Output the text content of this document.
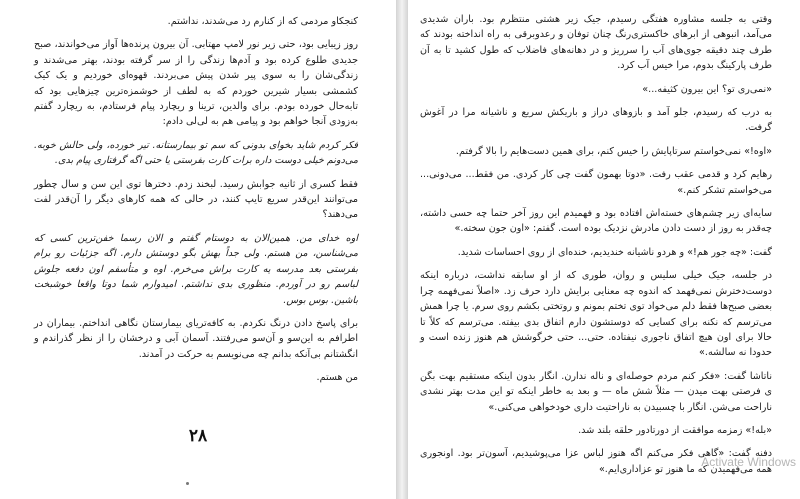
کنجکاو مردمی که از کنارم رد می‌شدند، نداشتم.

روز زیبایی بود، حتی زیر نور لامپ مهتابی. آن بیرون پرنده‌ها آواز می‌خواندند، صبح جدیدی طلوع کرده بود و آدم‌ها زندگی را از سر گرفته بودند، بهتر می‌شدند و زندگی‌شان را به سوی پیر شدن پیش می‌بردند. قهوه‌ای خوردیم و یک کیک کشمشی بسیار شیرین خوردم که به لطف از خوشمزه‌ترین چیزهایی بود که تابه‌حال خورده بودم. برای والدین، ترینا و ریچارد پیام فرستادم، به ریچارد گفتم به‌زودی آنجا خواهم بود و پیامی هم به لی‌لی دادم:

فکر کردم شاید بخوای بدونی که سم تو بیمارستانه. تیر خورده، ولی حالش خوبه. می‌دونم خیلی دوست داره برات کارت بفرستی یا حتی اگه گرفتاری پیام بدی.

فقط کسری از ثانیه جوابش رسید. لبخند زدم. دخترها توی این سن و سال چطور می‌توانند این‌قدر سریع تایپ کنند، در حالی که همه کارهای دیگر را آن‌قدر لفت می‌دهند؟

اوه خدای من. همین‌الان به دوستام گفتم و الان رسما خفن‌ترین کسی که می‌شناسن، من هستم. ولی جداً بهش بگو دوستش دارم. اگه جزئیات رو برام بفرستی بعد مدرسه یه کارت براش می‌خرم. اوه و متأسفم اون دفعه جلوش لباسم رو در آوردم. منظوری بدی نداشتم. امیدوارم شما دوتا واقعا خوشبخت باشین. بوس بوس.

برای پاسخ دادن درنگ نکردم. به کافه‌تریای بیمارستان نگاهی انداختم. بیماران در اطرافم به این‌سو و آن‌سو می‌رفتند. آسمان آبی و درخشان را از نظر گذراندم و انگشتانم بی‌آنکه بدانم چه می‌نویسم به حرکت در آمدند.

من هستم.

۲۸

وقتی به جلسه مشاوره هفتگی رسیدم، جیک زیر هشتی منتظرم بود. باران شدیدی می‌آمد، انبوهی از ابرهای خاکستری‌رنگ چنان توفان و رعدوبرقی به راه انداخته بودند که طرف چند دقیقه جوی‌های آب را سرریز و در دهانه‌های فاضلاب که طول کشید تا به آن طرف پارکینگ بدوم، مرا خیس آب کرد.

«نمی‌ری تو؟ این بیرون کثیفه...»

به درب که رسیدم، جلو آمد و بازوهای دراز و باریکش سریع و ناشیانه مرا در آغوش گرفت.

«اوه!» نمی‌خواستم سرتاپایش را خیس کنم، برای همین دست‌هایم را بالا گرفتم.

رهایم کرد و قدمی عقب رفت. «دوتا بهمون گفت چی کار کردی. من فقط... می‌دونی... می‌خواستم تشکر کنم.»

سایه‌ای زیر چشم‌های خسته‌اش افتاده بود و فهمیدم این روز آخر حتما چه حسی داشته، چه‌قدر به روز از دست دادن مادرش نزدیک بوده است. گفتم: «اون جون سخته.»

گفت: «چه جور هم!» و هردو ناشیانه خندیدیم، خنده‌ای از روی احساسات شدید.

در جلسه، جیک خیلی سلیس و روان، طوری که از او سابقه نداشت، درباره اینکه دوست‌دخترش نمی‌فهمد که اندوه چه معنایی برایش دارد حرف زد. «اصلاً نمی‌فهمه چرا بعضی صبح‌ها فقط دلم می‌خواد توی تختم بمونم و روتختی بکشم روی سرم. یا چرا همش می‌ترسم که نکنه برای کسایی که دوستشون دارم اتفاق بدی بیفته. می‌ترسم که کلاً تا حالا برای اون هیچ اتفاق ناجوری نیفتاده. حتی... حتی خرگوشش هم هنوز زنده است و حدودا نه سالشه.»

ناتاشا گفت: «فکر کنم مردم حوصله‌ای و ناله ندارن. انگار بدون اینکه مستقیم بهت بگن ی فرصتی بهت میدن — مثلاً شش ماه — و بعد به خاطر اینکه تو این مدت بهتر نشدی ناراحت می‌شن. انگار با چسبیدن به ناراحتیت داری خودخواهی می‌کنی.»

«بله!» زمزمه موافقت از دورتادور حلقه بلند شد.

دفنه گفت: «گاهی فکر می‌کنم اگه هنوز لباس عزا می‌پوشیدیم، آسون‌تر بود. اونجوری همه می‌فهمیدن که ما هنوز تو عزاداری‌ایم.»

Activate Windows
